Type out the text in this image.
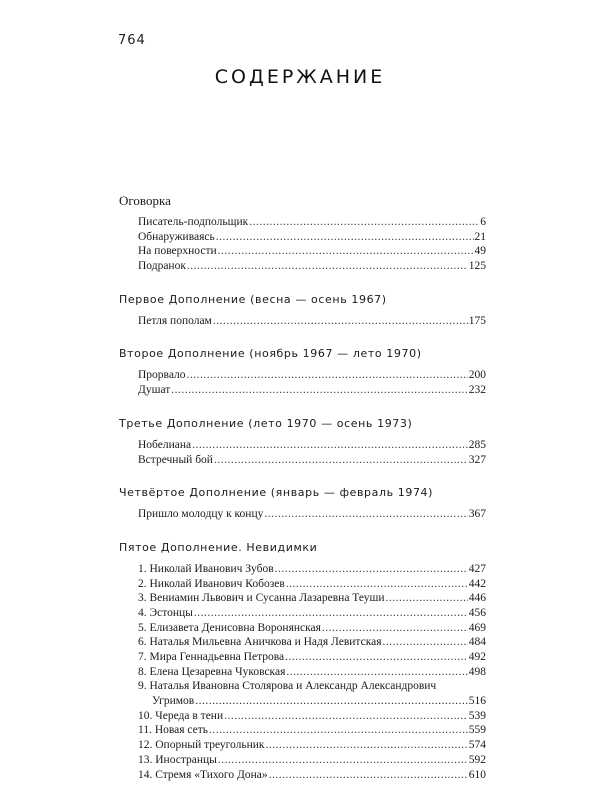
764
СОДЕРЖАНИЕ
Оговорка
Писатель-подпольщик .....	6
Обнаруживаясь .....	21
На поверхности .....	49
Подранок .....	125
Первое Дополнение (весна — осень 1967)
Петля пополам .....	175
Второе Дополнение (ноябрь 1967 — лето 1970)
Прорвало .....	200
Душат .....	232
Третье Дополнение (лето 1970 — осень 1973)
Нобелиана .....	285
Встречный бой .....	327
Четвёртое Дополнение (январь — февраль 1974)
Пришло молодцу к концу .....	367
Пятое Дополнение. Невидимки
1. Николай Иванович Зубов .....	427
2. Николай Иванович Кобозев .....	442
3. Вениамин Львович и Сусанна Лазаревна Теуши .....	446
4. Эстонцы .....	456
5. Елизавета Денисовна Воронянская .....	469
6. Наталья Мильевна Аничкова и Надя Левитская .....	484
7. Мира Геннадьевна Петрова .....	492
8. Елена Цезаревна Чуковская .....	498
9. Наталья Ивановна Столярова и Александр Александрович
Угримов .....	516
10. Череда в тени .....	539
11. Новая сеть .....	559
12. Опорный треугольник .....	574
13. Иностранцы .....	592
14. Стремя «Тихого Дона» .....	610
